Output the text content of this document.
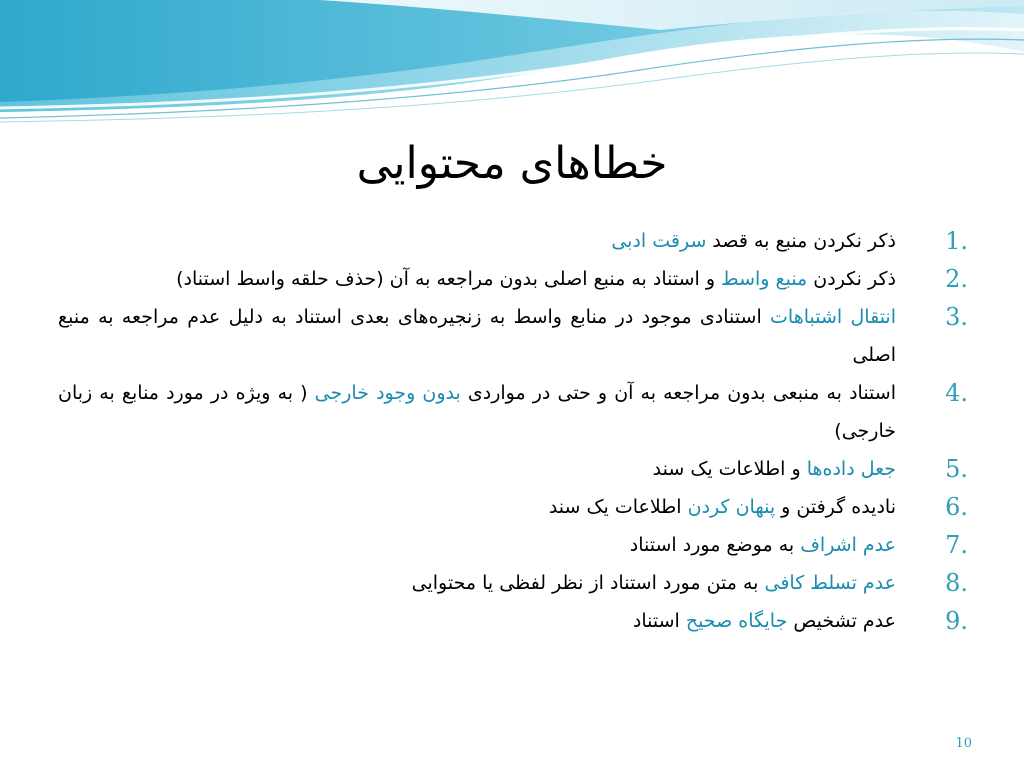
خطاهای محتوایی
.1
ذکر نکردن منبع به قصد سرقت ادبی
.2
ذکر نکردن منبع واسط و استناد به منبع اصلی بدون مراجعه به آن (حذف حلقه واسط استناد)
.3
انتقال اشتباهات استنادی موجود در منابع واسط به زنجیره‌های بعدی استناد به دلیل عدم مراجعه به منبع اصلی
.4
استناد به منبعی بدون مراجعه به آن و حتی در مواردی بدون وجود خارجی ( به ویژه در مورد منابع به زبان خارجی)
.5
جعل داده‌ها و اطلاعات یک سند
.6
نادیده گرفتن و پنهان کردن اطلاعات یک سند
.7
عدم اشراف به موضع مورد استناد
.8
عدم تسلط کافی به متن مورد استناد از نظر لفظی یا محتوایی
.9
عدم تشخیص جایگاه صحیح استناد
10
